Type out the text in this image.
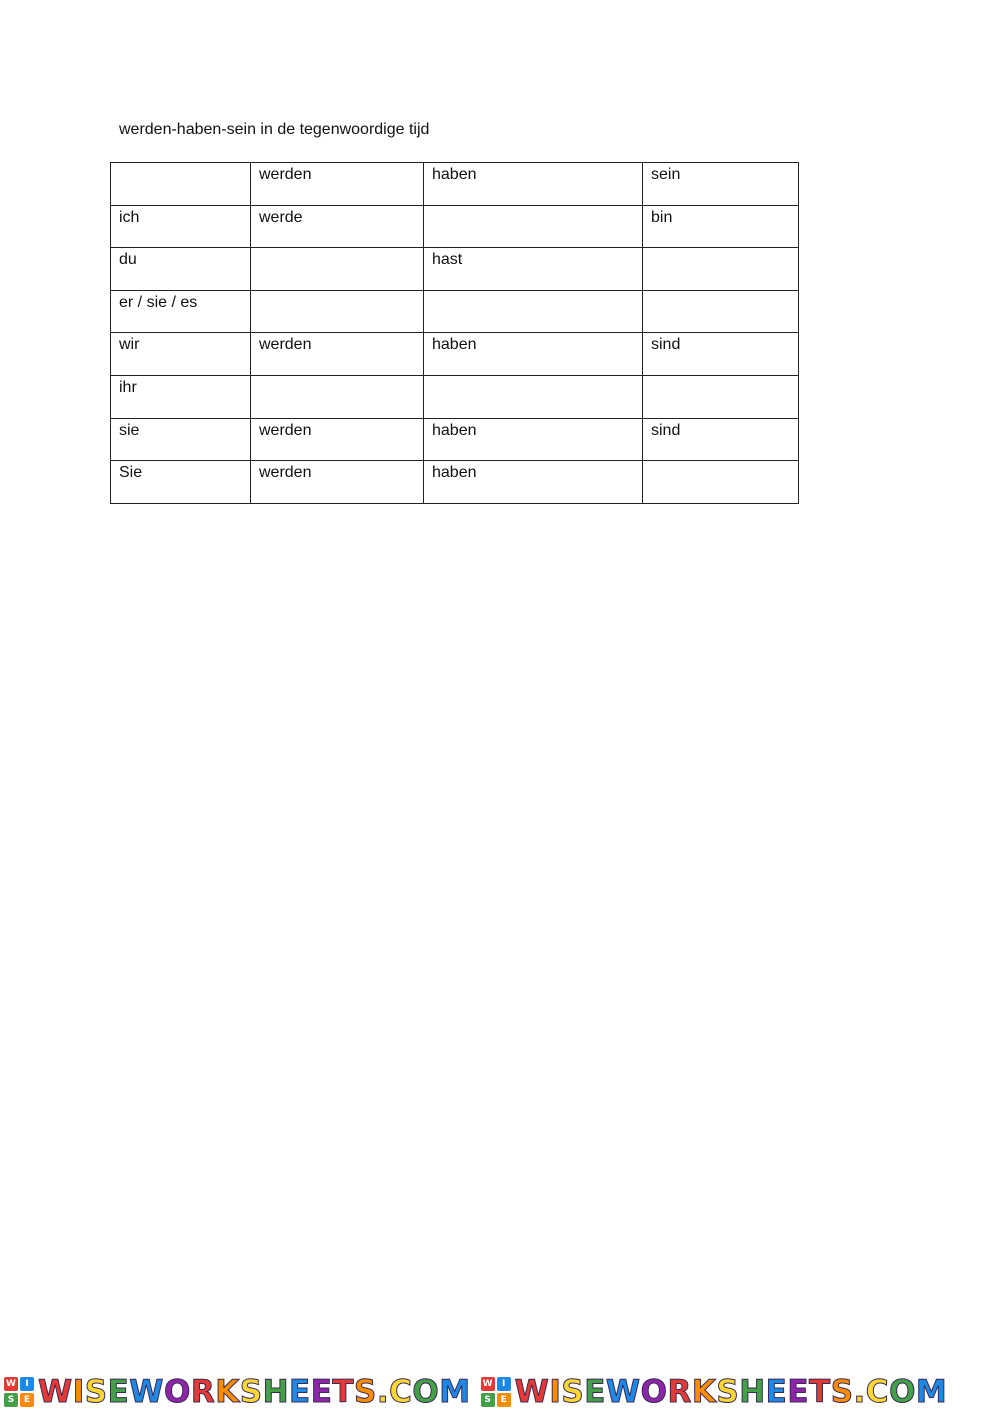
werden-haben-sein in de tegenwoordige tijd
	werden	haben	sein
ich	werde		bin
du		hast	
er / sie / es			
wir	werden	haben	sind
ihr			
sie	werden	haben	sind
Sie	werden	haben	
W	I
S	E WISEWORKSHEETS.COM W	I
S	E WISEWORKSHEETS.COM
